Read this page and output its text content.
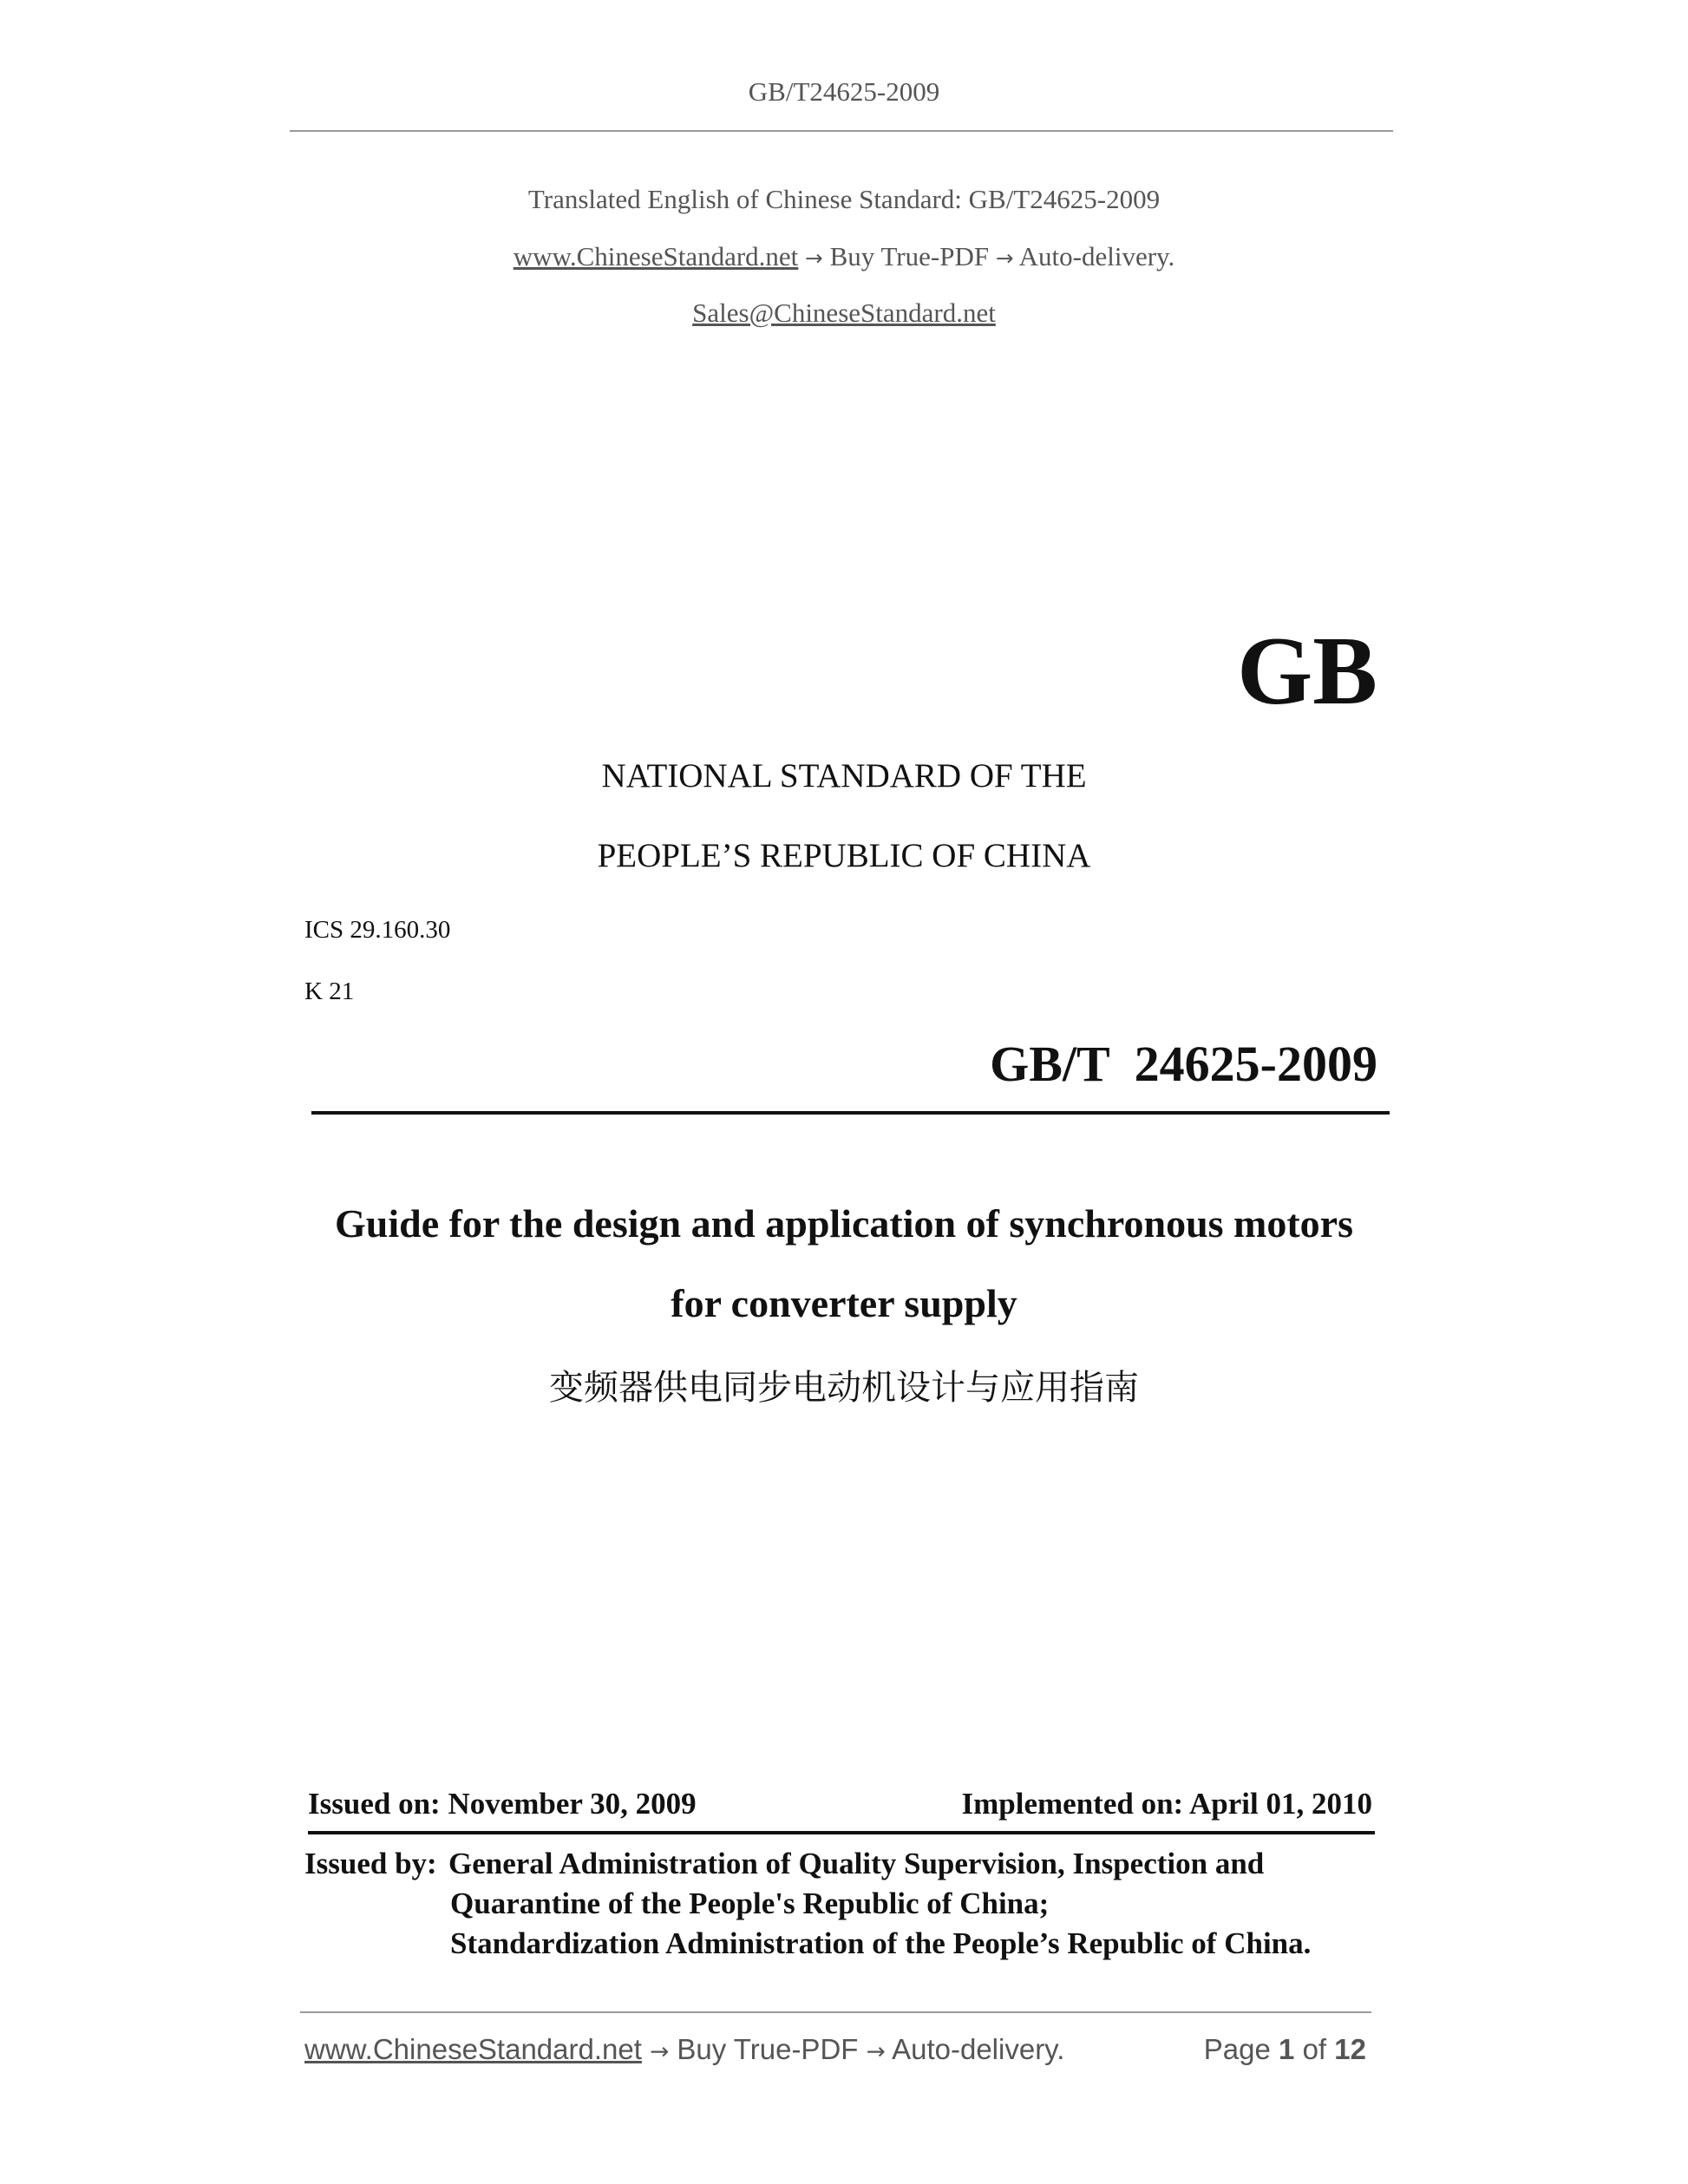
GB/T24625-2009
Translated English of Chinese Standard: GB/T24625-2009
www.ChineseStandard.net → Buy True-PDF → Auto-delivery.
Sales@ChineseStandard.net
GB
NATIONAL STANDARD OF THE
PEOPLE’S REPUBLIC OF CHINA
ICS 29.160.30
K 21
GB/T  24625-2009
Guide for the design and application of synchronous motors
for converter supply
变频器供电同步电动机设计与应用指南
Issued on: November 30, 2009	Implemented on: April 01, 2010
Issued by: General Administration of Quality Supervision, Inspection and
Quarantine of the People's Republic of China;
Standardization Administration of the People’s Republic of China.
www.ChineseStandard.net → Buy True-PDF → Auto-delivery.	Page 1 of 12
